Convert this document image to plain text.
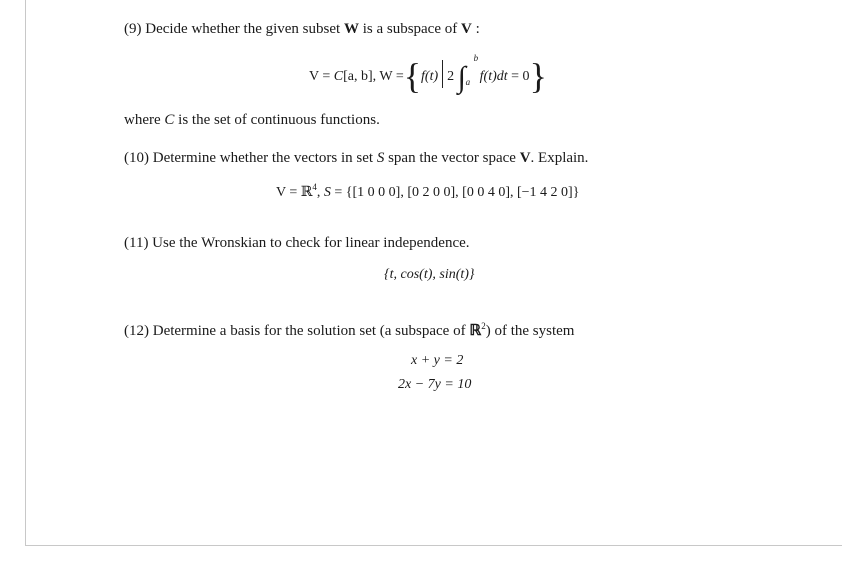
(9) Decide whether the given subset W is a subspace of V :
V = C[a, b], W ={f(t) 2 ∫
b
a f(t)dt = 0}
where C is the set of continuous functions.
(10) Determine whether the vectors in set S span the vector space V. Explain.
V = ℝ$^4$, S = {[1 0 0 0], [0 2 0 0], [0 0 4 0], [−1 4 2 0]}
(11) Use the Wronskian to check for linear independence.
{t, cos(t), sin(t)}
(12) Determine a basis for the solution set (a subspace of ℝ$^2$) of the system
x + y = 2
2x − 7y = 10
